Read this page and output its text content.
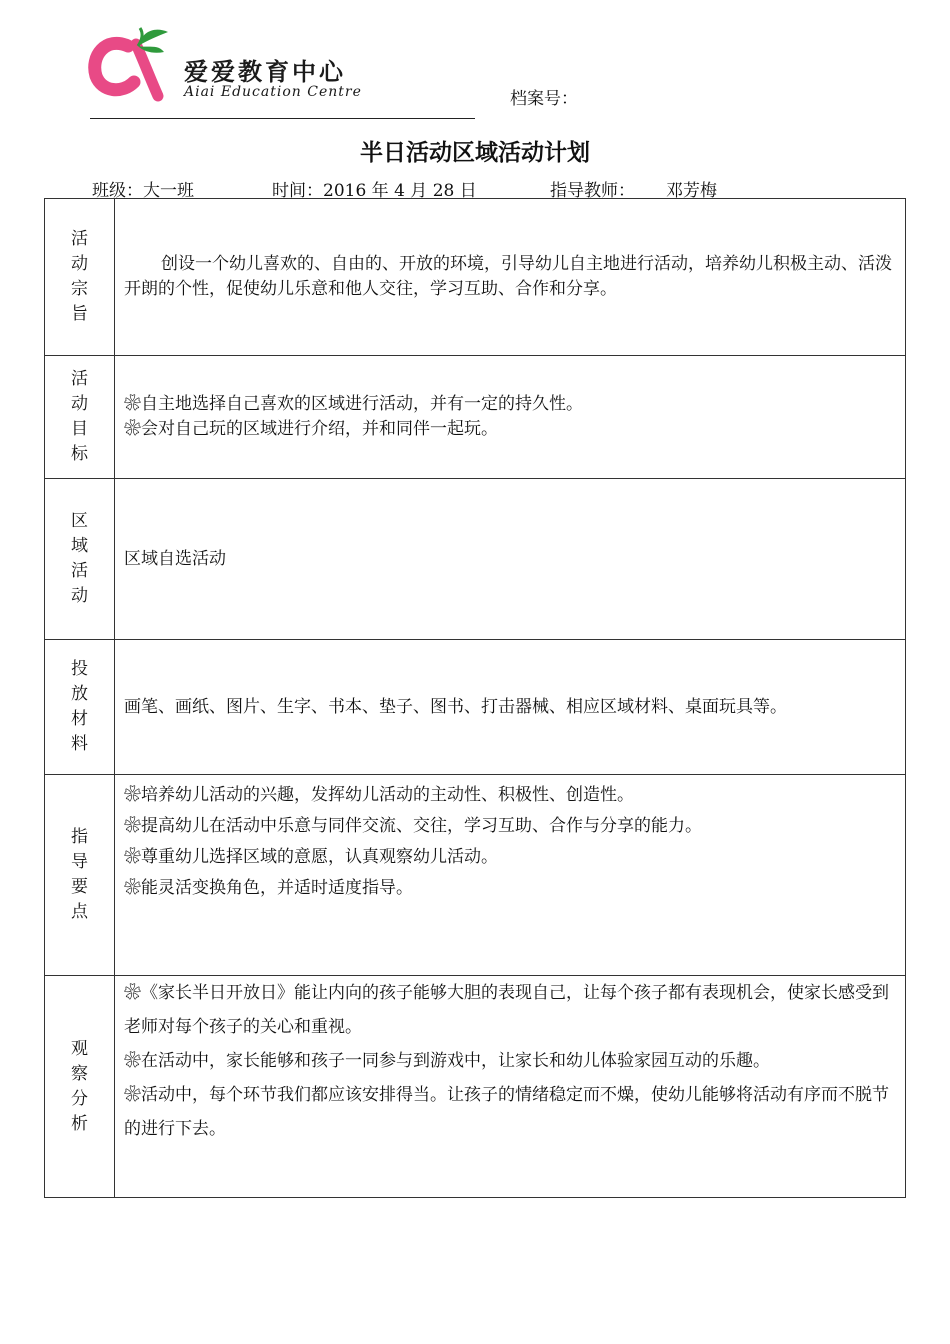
爱爱教育中心
Aiai Education Centre	档案号：
半日活动区域活动计划
班级：大一班	时间：2016 年 4 月 28 日	指导教师： 邓芳梅
活动宗旨	创设一个幼儿喜欢的、自由的、开放的环境，引导幼儿自主地进行活动，培养幼儿积极主动、活泼开朗的个性，促使幼儿乐意和他人交往，学习互助、合作和分享。

活动目标	❀自主地选择自己喜欢的区域进行活动，并有一定的持久性。

❀会对自己玩的区域进行介绍，并和同伴一起玩。

区域活动	区域自选活动

投放材料	画笔、画纸、图片、生字、书本、垫子、图书、打击器械、相应区域材料、桌面玩具等。

指导要点	❀培养幼儿活动的兴趣，发挥幼儿活动的主动性、积极性、创造性。

❀提高幼儿在活动中乐意与同伴交流、交往，学习互助、合作与分享的能力。

❀尊重幼儿选择区域的意愿，认真观察幼儿活动。

❀能灵活变换角色，并适时适度指导。

观察分析	❀《家长半日开放日》能让内向的孩子能够大胆的表现自己，让每个孩子都有表现机会，使家长感受到老师对每个孩子的关心和重视。

❀在活动中，家长能够和孩子一同参与到游戏中，让家长和幼儿体验家园互动的乐趣。

❀活动中，每个环节我们都应该安排得当。让孩子的情绪稳定而不燥，使幼儿能够将活动有序而不脱节的进行下去。
